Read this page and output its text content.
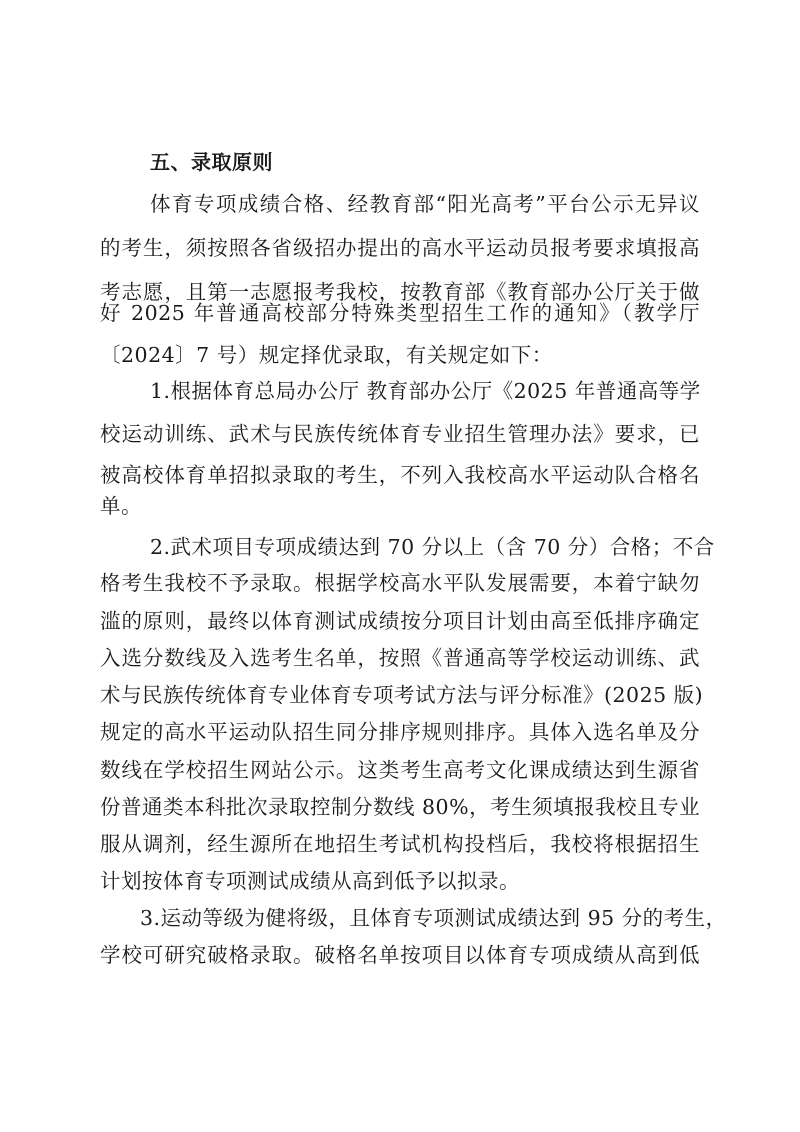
五、录取原则
体育专项成绩合格、经教育部“阳光高考”平台公示无异议
的考生，须按照各省级招办提出的高水平运动员报考要求填报高
考志愿，且第一志愿报考我校，按教育部《教育部办公厅关于做
好 2025 年普通高校部分特殊类型招生工作的通知》（教学厅
〔2024〕7 号）规定择优录取，有关规定如下：
1.根据体育总局办公厅 教育部办公厅《2025 年普通高等学
校运动训练、武术与民族传统体育专业招生管理办法》要求，已
被高校体育单招拟录取的考生，不列入我校高水平运动队合格名
单。
2.武术项目专项成绩达到 70 分以上（含 70 分）合格；不合
格考生我校不予录取。根据学校高水平队发展需要，本着宁缺勿
滥的原则，最终以体育测试成绩按分项目计划由高至低排序确定
入选分数线及入选考生名单，按照《普通高等学校运动训练、武
术与民族传统体育专业体育专项考试方法与评分标准》(2025 版)
规定的高水平运动队招生同分排序规则排序。具体入选名单及分
数线在学校招生网站公示。这类考生高考文化课成绩达到生源省
份普通类本科批次录取控制分数线 80%，考生须填报我校且专业
服从调剂，经生源所在地招生考试机构投档后，我校将根据招生
计划按体育专项测试成绩从高到低予以拟录。
3.运动等级为健将级，且体育专项测试成绩达到 95 分的考生，
学校可研究破格录取。破格名单按项目以体育专项成绩从高到低
